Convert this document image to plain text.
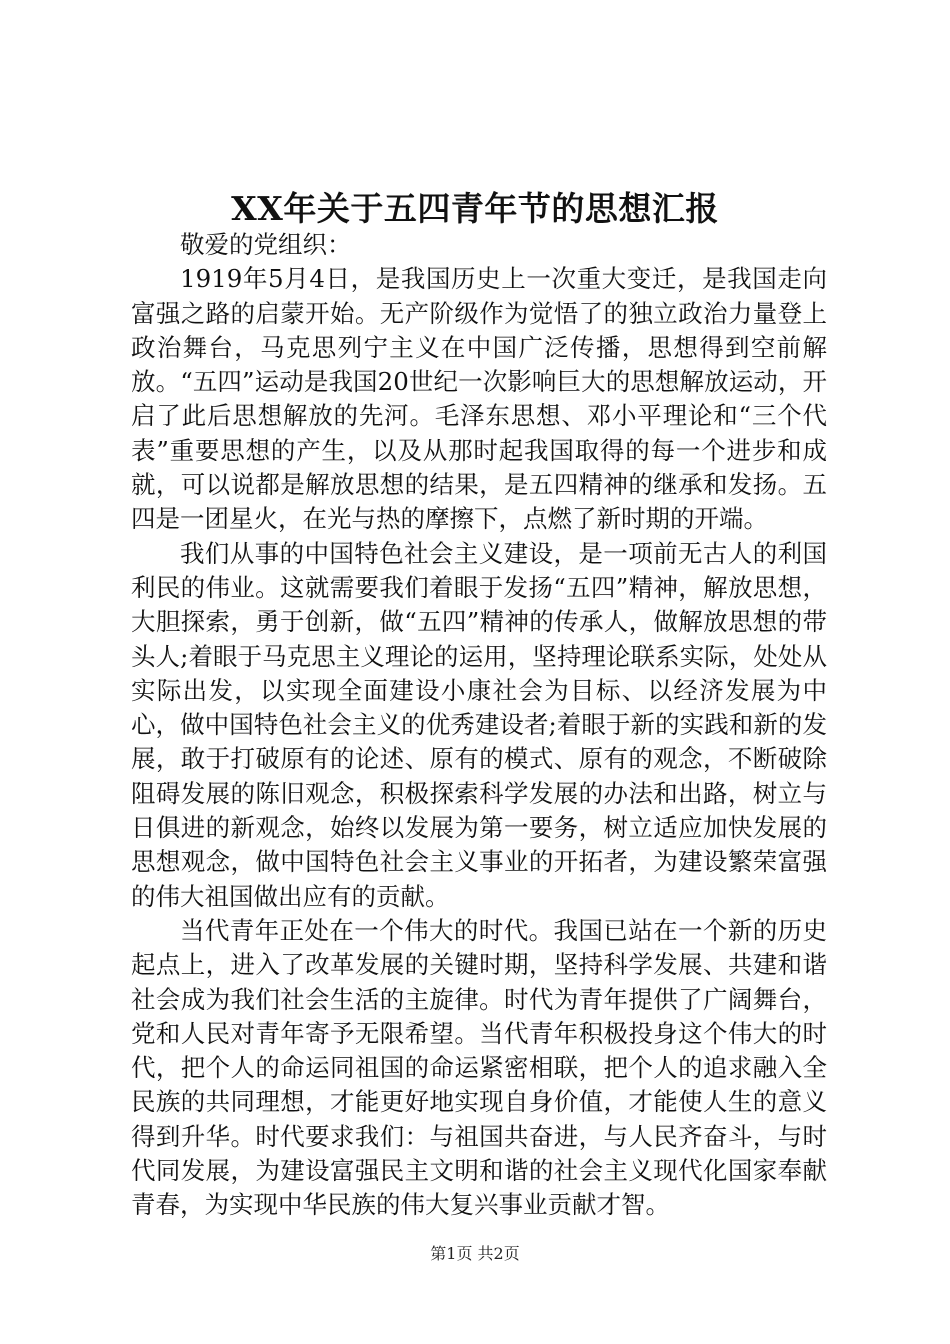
XX年关于五四青年节的思想汇报

敬爱的党组织：

1919年5月4日，是我国历史上一次重大变迁，是我国走向富强之路的启蒙开始。无产阶级作为觉悟了的独立政治力量登上政治舞台，马克思列宁主义在中国广泛传播，思想得到空前解放。“五四”运动是我国20世纪一次影响巨大的思想解放运动，开启了此后思想解放的先河。毛泽东思想、邓小平理论和“三个代表”重要思想的产生，以及从那时起我国取得的每一个进步和成就，可以说都是解放思想的结果，是五四精神的继承和发扬。五四是一团星火，在光与热的摩擦下，点燃了新时期的开端。

我们从事的中国特色社会主义建设，是一项前无古人的利国利民的伟业。这就需要我们着眼于发扬“五四”精神，解放思想，大胆探索，勇于创新，做“五四”精神的传承人，做解放思想的带头人;着眼于马克思主义理论的运用，坚持理论联系实际，处处从实际出发，以实现全面建设小康社会为目标、以经济发展为中心，做中国特色社会主义的优秀建设者;着眼于新的实践和新的发展，敢于打破原有的论述、原有的模式、原有的观念，不断破除阻碍发展的陈旧观念，积极探索科学发展的办法和出路，树立与日俱进的新观念，始终以发展为第一要务，树立适应加快发展的思想观念，做中国特色社会主义事业的开拓者，为建设繁荣富强的伟大祖国做出应有的贡献。

当代青年正处在一个伟大的时代。我国已站在一个新的历史起点上，进入了改革发展的关键时期，坚持科学发展、共建和谐社会成为我们社会生活的主旋律。时代为青年提供了广阔舞台，党和人民对青年寄予无限希望。当代青年积极投身这个伟大的时代，把个人的命运同祖国的命运紧密相联，把个人的追求融入全民族的共同理想，才能更好地实现自身价值，才能使人生的意义得到升华。时代要求我们：与祖国共奋进，与人民齐奋斗，与时代同发展，为建设富强民主文明和谐的社会主义现代化国家奉献青春，为实现中华民族的伟大复兴事业贡献才智。

第1页 共2页
